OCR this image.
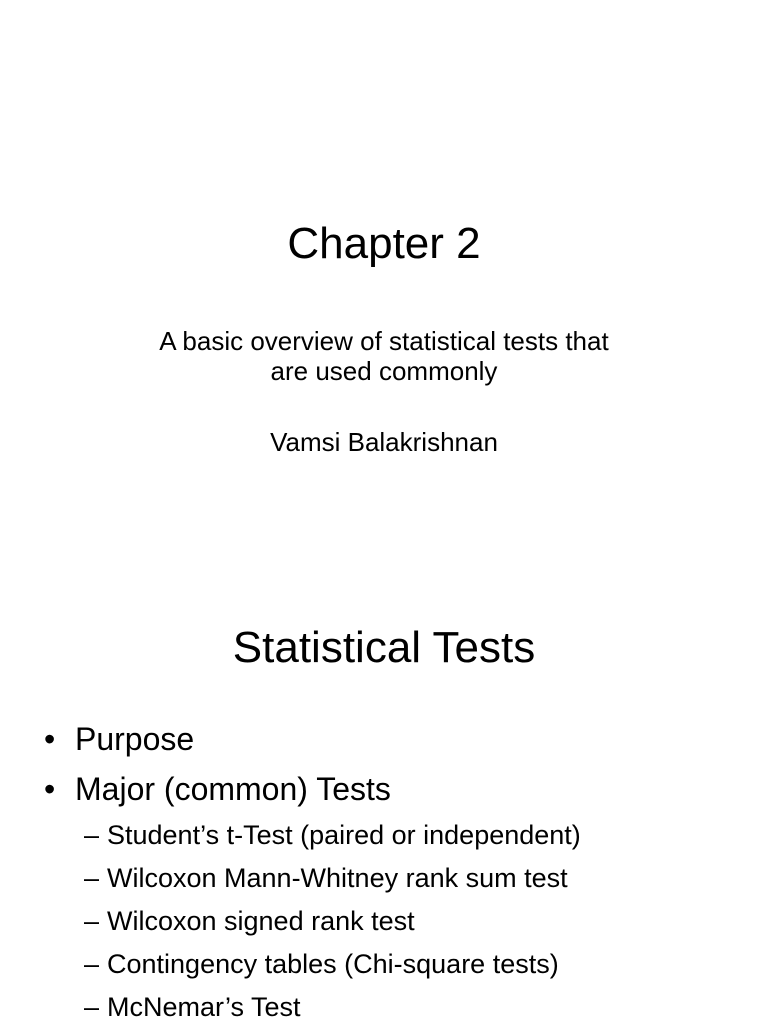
Chapter 2
A basic overview of statistical tests that
are used commonly
Vamsi Balakrishnan
Statistical Tests
• Purpose
• Major (common) Tests
– Student’s t-Test (paired or independent)
– Wilcoxon Mann-Whitney rank sum test
– Wilcoxon signed rank test
– Contingency tables (Chi-square tests)
– McNemar’s Test
